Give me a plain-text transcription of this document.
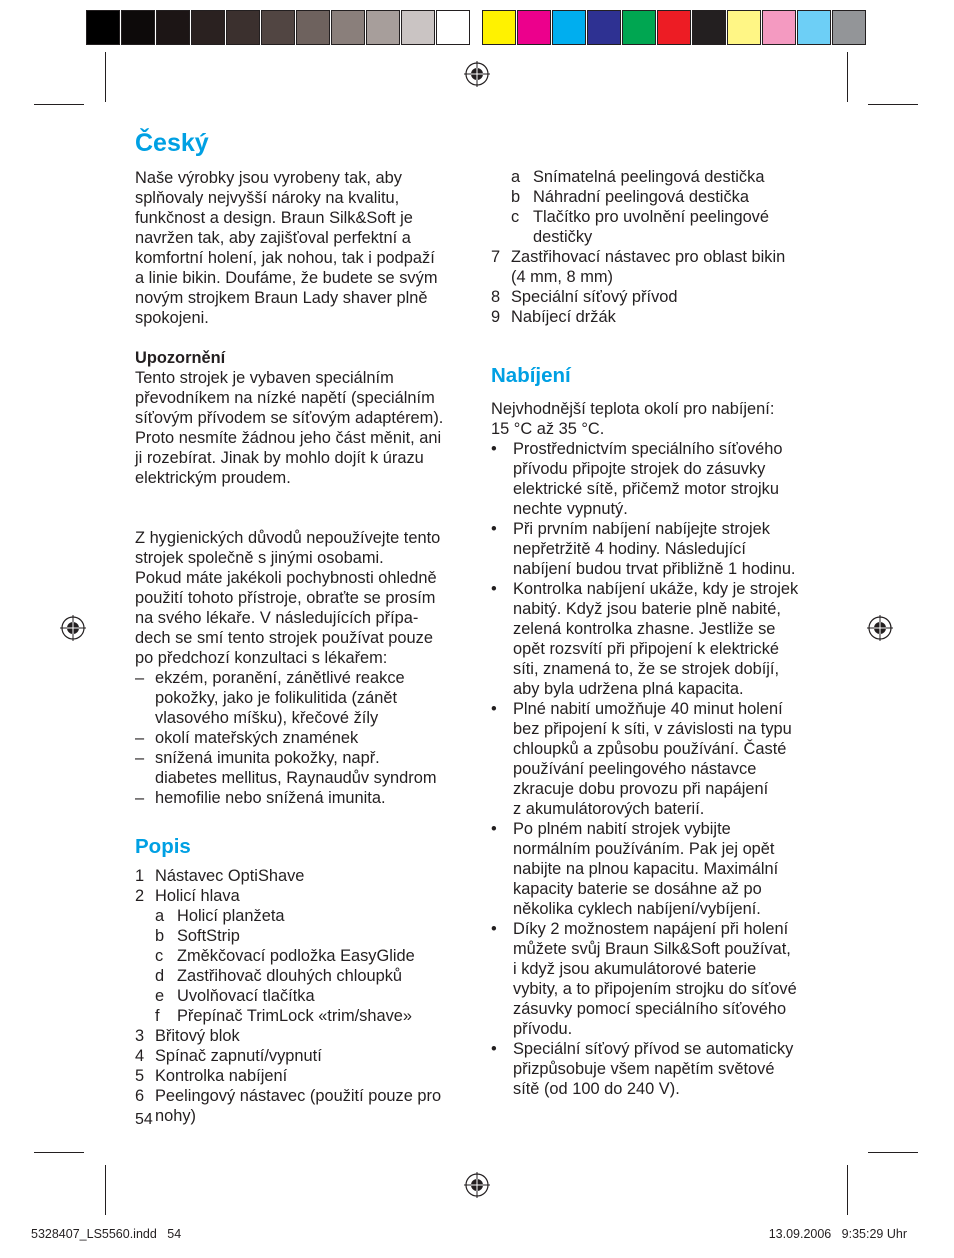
Český

Naše výrobky jsou vyrobeny tak, aby

splňovaly nejvyšší nároky na kvalitu,

funkčnost a design. Braun Silk&Soft je

navržen tak, aby zajišťoval perfektní a

komfortní holení, jak nohou, tak i podpaží

a linie bikin. Doufáme, že budete se svým

novým strojkem Braun Lady shaver plně

spokojeni.

Upozornění

Tento strojek je vybaven speciálním

převodníkem na nízké napětí (speciálním

síťovým přívodem se síťovým adaptérem).

Proto nesmíte žádnou jeho část měnit, ani

ji rozebírat. Jinak by mohlo dojít k úrazu

elektrickým proudem.

Z hygienických důvodů nepoužívejte tento

strojek společně s jinými osobami.

Pokud máte jakékoli pochybnosti ohledně

použití tohoto přístroje, obraťte se prosím

na svého lékaře. V následujících přípa-

dech se smí tento strojek používat pouze

po předchozí konzultaci s lékařem:

– ekzém, poranění, zánětlivé reakce
pokožky, jako je folikulitida (zánět
vlasového míšku), křečové žíly
– okolí mateřských znamének
– snížená imunita pokožky, např.
diabetes mellitus, Raynaudův syndrom
– hemofilie nebo snížená imunita.
Popis
1 Nástavec OptiShave
2 Holicí hlava
a Holicí planžeta
b SoftStrip
c Změkčovací podložka EasyGlide
d Zastřihovač dlouhých chloupků
e Uvolňovací tlačítka
f	Přepínač TrimLock «trim/shave»
3 Břitový blok
4 Spínač zapnutí/vypnutí
5 Kontrolka nabíjení
6 Peelingový nástavec (použití pouze pro
nohy)
54
a Snímatelná peelingová destička
b Náhradní peelingová destička
c Tlačítko pro uvolnění peelingové
destičky
7 Zastřihovací nástavec pro oblast bikin
(4 mm, 8 mm)
8 Speciální síťový přívod
9 Nabíjecí držák
Nabíjení

Nejvhodnější teplota okolí pro nabíjení:

15 °C až 35 °C.

• Prostřednictvím speciálního síťového
přívodu připojte strojek do zásuvky
elektrické sítě, přičemž motor strojku
nechte vypnutý.
• Při prvním nabíjení nabíjejte strojek
nepřetržitě 4 hodiny. Následující
nabíjení budou trvat přibližně 1 hodinu.
• Kontrolka nabíjení ukáže, kdy je strojek
nabitý. Když jsou baterie plně nabité,
zelená kontrolka zhasne. Jestliže se
opět rozsvítí při připojení k elektrické
síti, znamená to, že se strojek dobíjí,
aby byla udržena plná kapacita.
• Plné nabití umožňuje 40 minut holení
bez připojení k síti, v závislosti na typu
chloupků a způsobu používání. Časté
používání peelingového nástavce
zkracuje dobu provozu při napájení
z akumulátorových baterií.
• Po plném nabití strojek vybijte
normálním používáním. Pak jej opět
nabijte na plnou kapacitu. Maximální
kapacity baterie se dosáhne až po
několika cyklech nabíjení/vybíjení.
• Díky 2 možnostem napájení při holení
můžete svůj Braun Silk&Soft používat,
i když jsou akumulátorové baterie
vybity, a to připojením strojku do síťové
zásuvky pomocí speciálního síťového
přívodu.
• Speciální síťový přívod se automaticky
přizpůsobuje všem napětím světové
sítě (od 100 do 240 V).
5328407_LS5560.indd   54	13.09.2006   9:35:29 Uhr
